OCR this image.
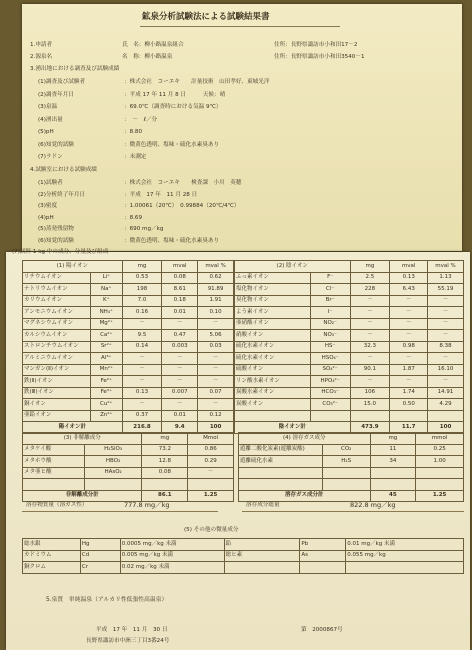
鉱泉分析試験法による試験結果書
1.申請者	氏　名：柳小路温泉組合	住所：長野県諏訪市小和田17－2
2.源泉名	名　称：柳小路温泉	住所：長野県諏訪市小和田3540－1
3.湧出地における調査及び試験成績
(1)調査及び試験者	：株式会社　コーエキ　　計量技術　山田孝好、東城光洋
(2)調査年月日	：平成 17 年 11 月 8 日　　　天候：晴
(3)泉温	：69.0℃（調査時における気温 9℃）
(4)湧出量	：　－　ℓ／分
(5)pH	：8.80
(6)知覚的試験	：微黄色透明、塩味・硫化水素臭あり
(7)ラドン	：未測定
4.試験室における試験成績
(1)試験者	：株式会社　コーエキ　　検査課　小川　英穂
(2)分析終了年月日	：平成　17 年　11 月 28 日
(3)密度	：1.00061（20℃）　0.99884（20℃/4℃）
(4)pH	：8.69
(5)蒸発残留物	：690 mg／kg
(6)知覚的試験	：微黄色透明、塩味・硫化水素臭あり
(7)試料 1 kg 中の成分、分量及び組成
(1) 陽イオン		mg	mval	mval %
リチウムイオン	Li⁺	0.53	0.08	0.62
ナトリウムイオン	Na⁺	198	8.61	91.89
カリウムイオン	K⁺	7.0	0.18	1.91
アンモニウムイオン	NH₄⁺	0.16	0.01	0.10
マグネシウムイオン	Mg²⁺	－	－	－
カルシウムイオン	Ca²⁺	9.5	0.47	5.06
ストロンチウムイオン	Sr²⁺	0.14	0.003	0.03
アルミニウムイオン	Al³⁺	－	－	－
マンガン(Ⅱ)イオン	Mn²⁺	－	－	－
鉄(Ⅱ)イオン	Fe²⁺	－	－	－
鉄(Ⅲ)イオン	Fe³⁺	0.13	0.007	0.07
銅イオン	Cu²⁺	－	－	－
亜鉛イオン	Zn²⁺	0.37	0.01	0.12
陽イオン計		216.8	9.4	100
(2) 陰イオン		mg	mval	mval %
ふっ素イオン	F⁻	2.5	0.13	1.13
塩化物イオン	Cl⁻	228	6.43	55.19
臭化物イオン	Br⁻	－	－	－
よう素イオン	I⁻	－	－	－
亜硝酸イオン	NO₂⁻	－	－	－
硝酸イオン	NO₃⁻	－	－	－
硫化水素イオン	HS⁻	32.3	0.98	8.38
硫化水素イオン	HSO₄⁻	－	－	－
硫酸イオン	SO₄²⁻	90.1	1.87	16.10
リン酸水素イオン	HPO₄²⁻	－	－	－
炭酸水素イオン	HCO₃⁻	106	1.74	14.91
炭酸イオン	CO₃²⁻	15.0	0.50	4.29

陰イオン計		473.9	11.7	100
(3) 非解離成分		mg	Mmol
メタケイ酸	H₂SiO₃	73.2	0.86
メタホウ酸	HBO₂	12.8	0.29
メタ亜ヒ酸	HAsO₂	0.08	－

非解離成分計		86.1	1.25
(4) 溶存ガス成分		mg	mmol
遊離二酸化炭素(遊離炭酸)	CO₂	11	0.25
遊離硫化水素	H₂S	34	1.00

溶存ガス成分計		45	1.25
溶存物質量（溶ガス性）	777.8 mg／kg	溶存成分総量	822.8 mg／kg
(5) その他の微量成分
総水銀	Hg	0.0005 mg／kg 未満	鉛	Pb	0.01 mg／kg 未満
カドミウム	Cd	0.005 mg／kg 未満	総ヒ素	As	0.055 mg／kg
銅クロム	Cr	0.02 mg／kg 未満			
5.泉質　単純温泉（アルカリ性低張性高温泉）
平成　17 年　11 月　30 日	第　2000867号
長野県諏訪市中洲三丁目3番24号
